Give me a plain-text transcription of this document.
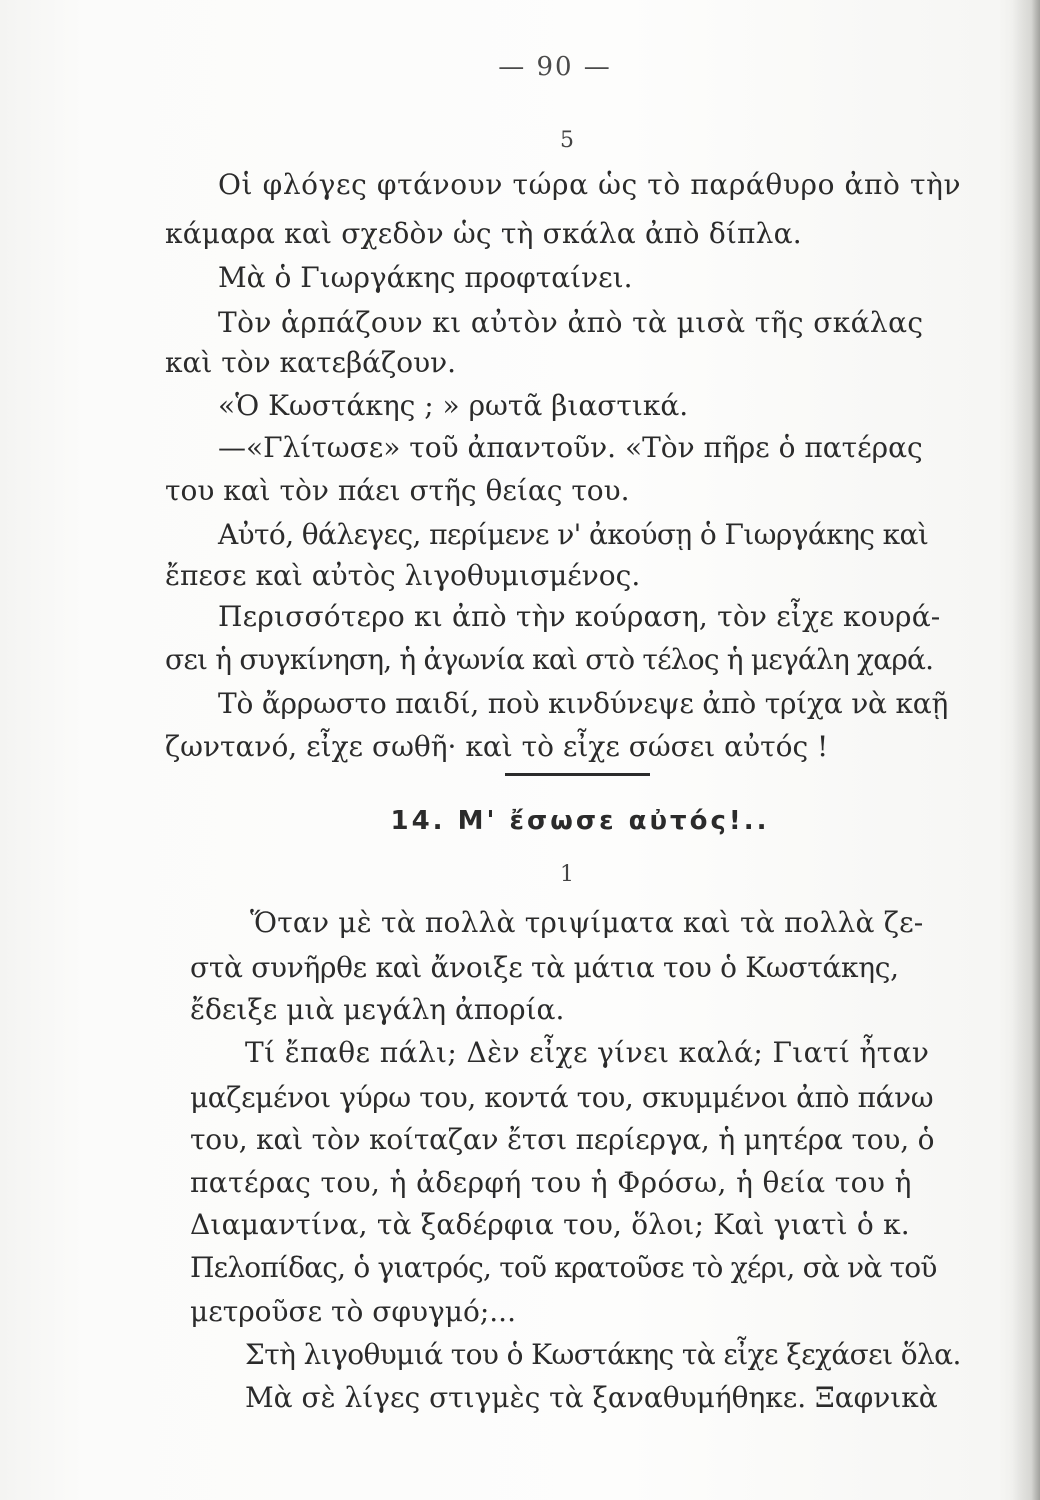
— 90 —
5
Οἱ φλόγες φτάνουν τώρα ὡς τὸ παράθυρο ἀπὸ τὴν
κάμαρα καὶ σχεδὸν ὡς τὴ σκάλα ἀπὸ δίπλα.
Μὰ ὁ Γιωργάκης προφταίνει.
Τὸν ἁρπάζουν κι αὐτὸν ἀπὸ τὰ μισὰ τῆς σκάλας
καὶ τὸν κατεβάζουν.
«Ὁ Κωστάκης ; » ρωτᾶ βιαστικά.
—«Γλίτωσε» τοῦ ἀπαντοῦν. «Τὸν πῆρε ὁ πατέρας
του καὶ τὸν πάει στῆς θείας του.
Αὐτό, θάλεγες, περίμενε ν' ἀκούσῃ ὁ Γιωργάκης καὶ
ἔπεσε καὶ αὐτὸς λιγοθυμισμένος.
Περισσότερο κι ἀπὸ τὴν κούραση, τὸν εἶχε κουρά-
σει ἡ συγκίνηση, ἡ ἀγωνία καὶ στὸ τέλος ἡ μεγάλη χαρά.
Τὸ ἄρρωστο παιδί, ποὺ κινδύνεψε ἀπὸ τρίχα νὰ καῇ
ζωντανό, εἶχε σωθῆ· καὶ τὸ εἶχε σώσει αὐτός !
14. Μ' ἔσωσε αὐτός!..
1
Ὅταν μὲ τὰ πολλὰ τριψίματα καὶ τὰ πολλὰ ζε-
στὰ συνῆρθε καὶ ἄνοιξε τὰ μάτια του ὁ Κωστάκης,
ἔδειξε μιὰ μεγάλη ἀπορία.
Τί ἔπαθε πάλι; Δὲν εἶχε γίνει καλά; Γιατί ἦταν
μαζεμένοι γύρω του, κοντά του, σκυμμένοι ἀπὸ πάνω
του, καὶ τὸν κοίταζαν ἔτσι περίεργα, ἡ μητέρα του, ὁ
πατέρας του, ἡ ἀδερφή του ἡ Φρόσω, ἡ θεία του ἡ
Διαμαντίνα, τὰ ξαδέρφια του, ὅλοι; Καὶ γιατὶ ὁ κ.
Πελοπίδας, ὁ γιατρός, τοῦ κρατοῦσε τὸ χέρι, σὰ νὰ τοῦ
μετροῦσε τὸ σφυγμό;...
Στὴ λιγοθυμιά του ὁ Κωστάκης τὰ εἶχε ξεχάσει ὅλα.
Μὰ σὲ λίγες στιγμὲς τὰ ξαναθυμήθηκε. Ξαφνικὰ
